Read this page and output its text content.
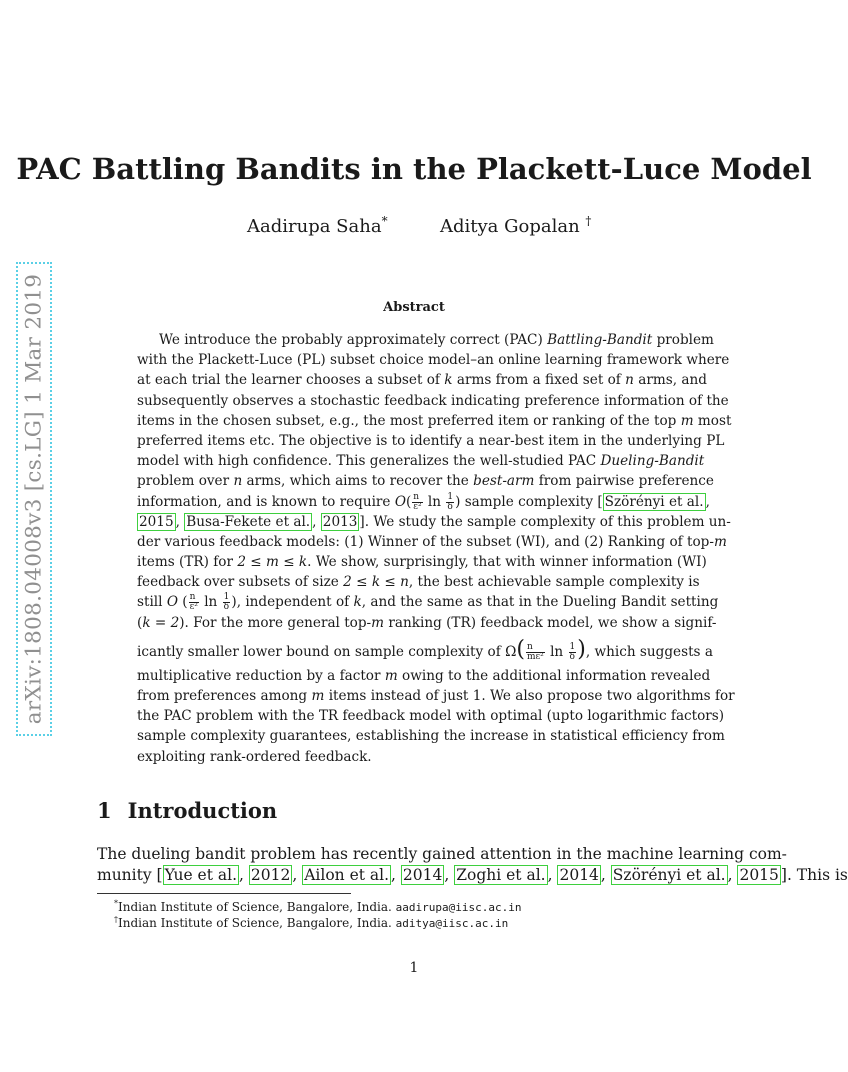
arXiv:1808.04008v3 [cs.LG] 1 Mar 2019
PAC Battling Bandits in the Plackett-Luce Model
Aadirupa Saha*	Aditya Gopalan †
Abstract
We introduce the probably approximately correct (PAC) Battling-Bandit problem
with the Plackett-Luce (PL) subset choice model–an online learning framework where
at each trial the learner chooses a subset of k arms from a fixed set of n arms, and
subsequently observes a stochastic feedback indicating preference information of the
items in the chosen subset, e.g., the most preferred item or ranking of the top m most
preferred items etc. The objective is to identify a near-best item in the underlying PL
model with high confidence. This generalizes the well-studied PAC Dueling-Bandit
problem over n arms, which aims to recover the best-arm from pairwise preference
information, and is known to require $O( \frac{n}{\text{ε²}}$ $\ln \frac{1}{\delta}$ ) sample complexity [ Szörényi et al. ,
2015 , Busa-Fekete et al. , 2013 ]. We study the sample complexity of this problem un-
der various feedback models: (1) Winner of the subset (WI), and (2) Ranking of top-m
items (TR) for 2 ≤ m ≤ k. We show, surprisingly, that with winner information (WI)
feedback over subsets of size 2 ≤ k ≤ n, the best achievable sample complexity is
still O ( $\frac{n}{\text{ε²}}$ $\ln \frac{1}{\delta}$ ), independent of k, and the same as that in the Dueling Bandit setting
(k = 2). For the more general top-m ranking (TR) feedback model, we show a signif-
icantly smaller lower bound on sample complexity of $\Omega( \frac{n}{\text{mε²}}$ $\ln \frac{1}{\delta}$ ), which suggests a
multiplicative reduction by a factor m owing to the additional information revealed
from preferences among m items instead of just 1. We also propose two algorithms for
the PAC problem with the TR feedback model with optimal (upto logarithmic factors)
sample complexity guarantees, establishing the increase in statistical efficiency from
exploiting rank-ordered feedback.
1 Introduction
The dueling bandit problem has recently gained attention in the machine learning com-
munity [ Yue et al. , 2012 , Ailon et al. , 2014 , Zoghi et al. , 2014 , Szörényi et al. , 2015 ]. This is
*Indian Institute of Science, Bangalore, India. aadirupa@iisc.ac.in
†Indian Institute of Science, Bangalore, India. aditya@iisc.ac.in
1
